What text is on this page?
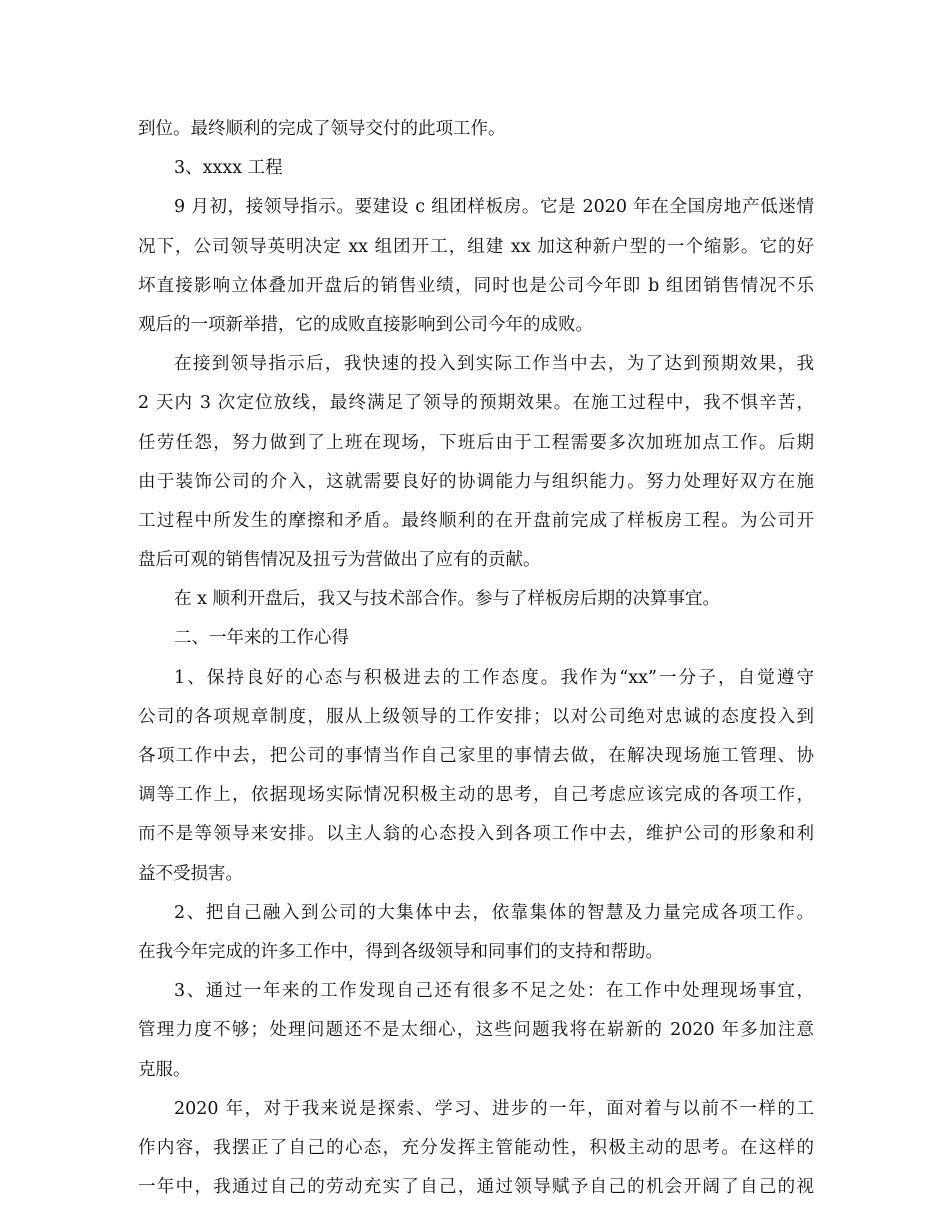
到位。最终顺利的完成了领导交付的此项工作。
3、xxxx 工程
9 月初，接领导指示。要建设 c 组团样板房。它是 2020 年在全国房地产低迷情
况下，公司领导英明决定 xx 组团开工，组建 xx 加这种新户型的一个缩影。它的好
坏直接影响立体叠加开盘后的销售业绩，同时也是公司今年即 b 组团销售情况不乐
观后的一项新举措，它的成败直接影响到公司今年的成败。
在接到领导指示后，我快速的投入到实际工作当中去，为了达到预期效果，我
2 天内 3 次定位放线，最终满足了领导的预期效果。在施工过程中，我不惧辛苦，
任劳任怨，努力做到了上班在现场，下班后由于工程需要多次加班加点工作。后期
由于装饰公司的介入，这就需要良好的协调能力与组织能力。努力处理好双方在施
工过程中所发生的摩擦和矛盾。最终顺利的在开盘前完成了样板房工程。为公司开
盘后可观的销售情况及扭亏为营做出了应有的贡献。
在 x 顺利开盘后，我又与技术部合作。参与了样板房后期的决算事宜。
二、一年来的工作心得
1、保持良好的心态与积极进去的工作态度。我作为“xx”一分子，自觉遵守
公司的各项规章制度，服从上级领导的工作安排；以对公司绝对忠诚的态度投入到
各项工作中去，把公司的事情当作自己家里的事情去做，在解决现场施工管理、协
调等工作上，依据现场实际情况积极主动的思考，自己考虑应该完成的各项工作，
而不是等领导来安排。以主人翁的心态投入到各项工作中去，维护公司的形象和利
益不受损害。
2、把自己融入到公司的大集体中去，依靠集体的智慧及力量完成各项工作。
在我今年完成的许多工作中，得到各级领导和同事们的支持和帮助。
3、通过一年来的工作发现自己还有很多不足之处：在工作中处理现场事宜，
管理力度不够；处理问题还不是太细心，这些问题我将在崭新的 2020 年多加注意
克服。
2020 年，对于我来说是探索、学习、进步的一年，面对着与以前不一样的工
作内容，我摆正了自己的心态，充分发挥主管能动性，积极主动的思考。在这样的
一年中，我通过自己的劳动充实了自己，通过领导赋予自己的机会开阔了自己的视
